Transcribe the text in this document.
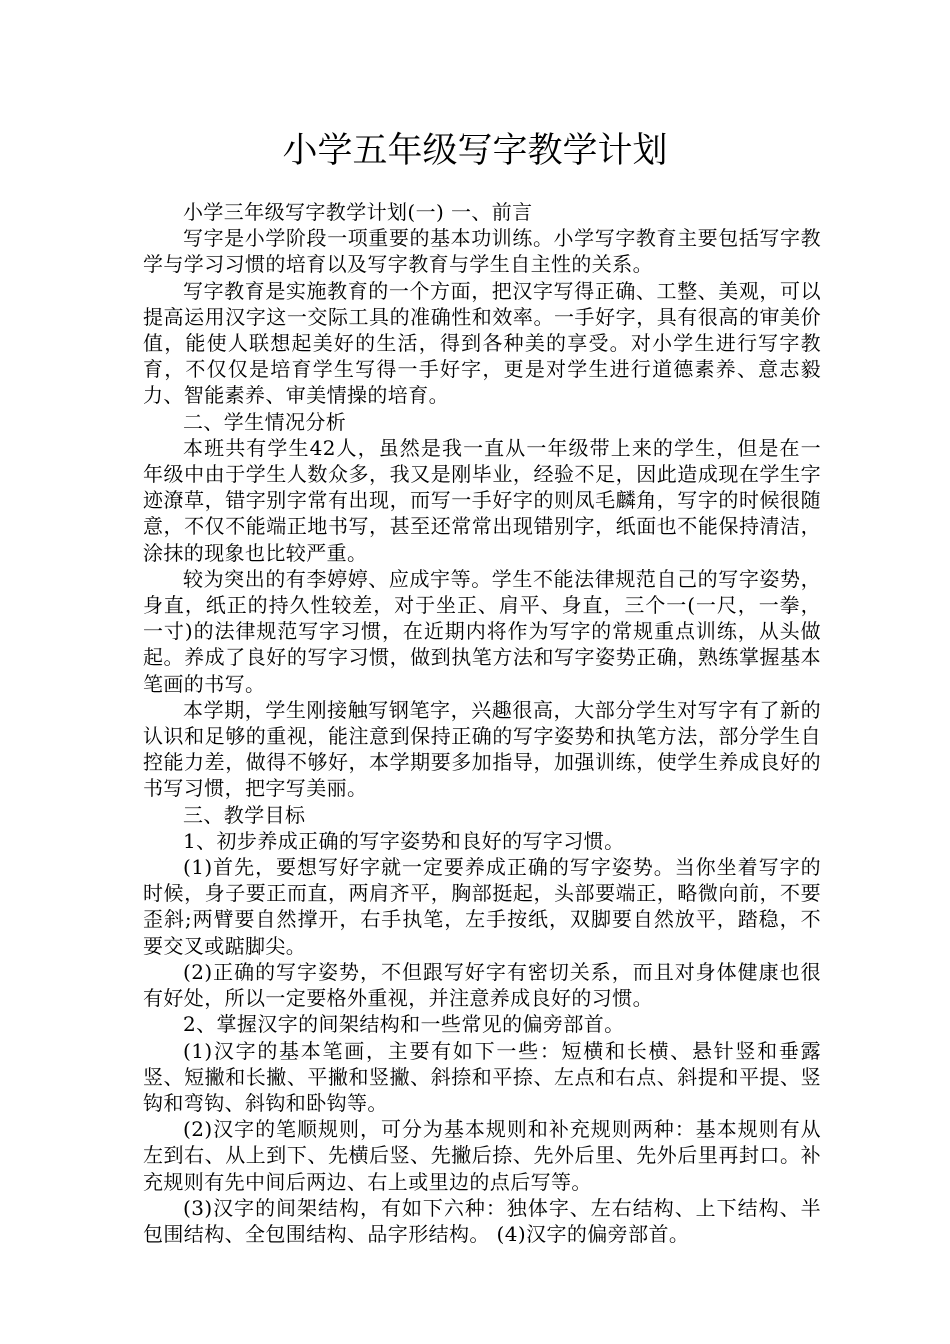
小学五年级写字教学计划

小学三年级写字教学计划(一) 一、前言

写字是小学阶段一项重要的基本功训练。小学写字教育主要包括写字教学与学习习惯的培育以及写字教育与学生自主性的关系。

写字教育是实施教育的一个方面，把汉字写得正确、工整、美观，可以提高运用汉字这一交际工具的准确性和效率。一手好字，具有很高的审美价值，能使人联想起美好的生活，得到各种美的享受。对小学生进行写字教育，不仅仅是培育学生写得一手好字，更是对学生进行道德素养、意志毅力、智能素养、审美情操的培育。

二、学生情况分析

本班共有学生42人，虽然是我一直从一年级带上来的学生，但是在一年级中由于学生人数众多，我又是刚毕业，经验不足，因此造成现在学生字迹潦草，错字别字常有出现，而写一手好字的则凤毛麟角，写字的时候很随意，不仅不能端正地书写，甚至还常常出现错别字，纸面也不能保持清洁，涂抹的现象也比较严重。

较为突出的有李婷婷、应成宇等。学生不能法律规范自己的写字姿势，身直，纸正的持久性较差，对于坐正、肩平、身直，三个一(一尺，一拳，一寸)的法律规范写字习惯，在近期内将作为写字的常规重点训练，从头做起。养成了良好的写字习惯，做到执笔方法和写字姿势正确，熟练掌握基本笔画的书写。

本学期，学生刚接触写钢笔字，兴趣很高，大部分学生对写字有了新的认识和足够的重视，能注意到保持正确的写字姿势和执笔方法，部分学生自控能力差，做得不够好，本学期要多加指导，加强训练，使学生养成良好的书写习惯，把字写美丽。

三、教学目标

1、初步养成正确的写字姿势和良好的写字习惯。

(1)首先，要想写好字就一定要养成正确的写字姿势。当你坐着写字的时候，身子要正而直，两肩齐平，胸部挺起，头部要端正，略微向前，不要歪斜;两臂要自然撑开，右手执笔，左手按纸，双脚要自然放平，踏稳，不要交叉或踮脚尖。

(2)正确的写字姿势，不但跟写好字有密切关系，而且对身体健康也很有好处，所以一定要格外重视，并注意养成良好的习惯。

2、掌握汉字的间架结构和一些常见的偏旁部首。

(1)汉字的基本笔画，主要有如下一些：短横和长横、悬针竖和垂露竖、短撇和长撇、平撇和竖撇、斜捺和平捺、左点和右点、斜提和平提、竖钩和弯钩、斜钩和卧钩等。

(2)汉字的笔顺规则，可分为基本规则和补充规则两种：基本规则有从左到右、从上到下、先横后竖、先撇后捺、先外后里、先外后里再封口。补充规则有先中间后两边、右上或里边的点后写等。

(3)汉字的间架结构，有如下六种：独体字、左右结构、上下结构、半包围结构、全包围结构、品字形结构。 (4)汉字的偏旁部首。
